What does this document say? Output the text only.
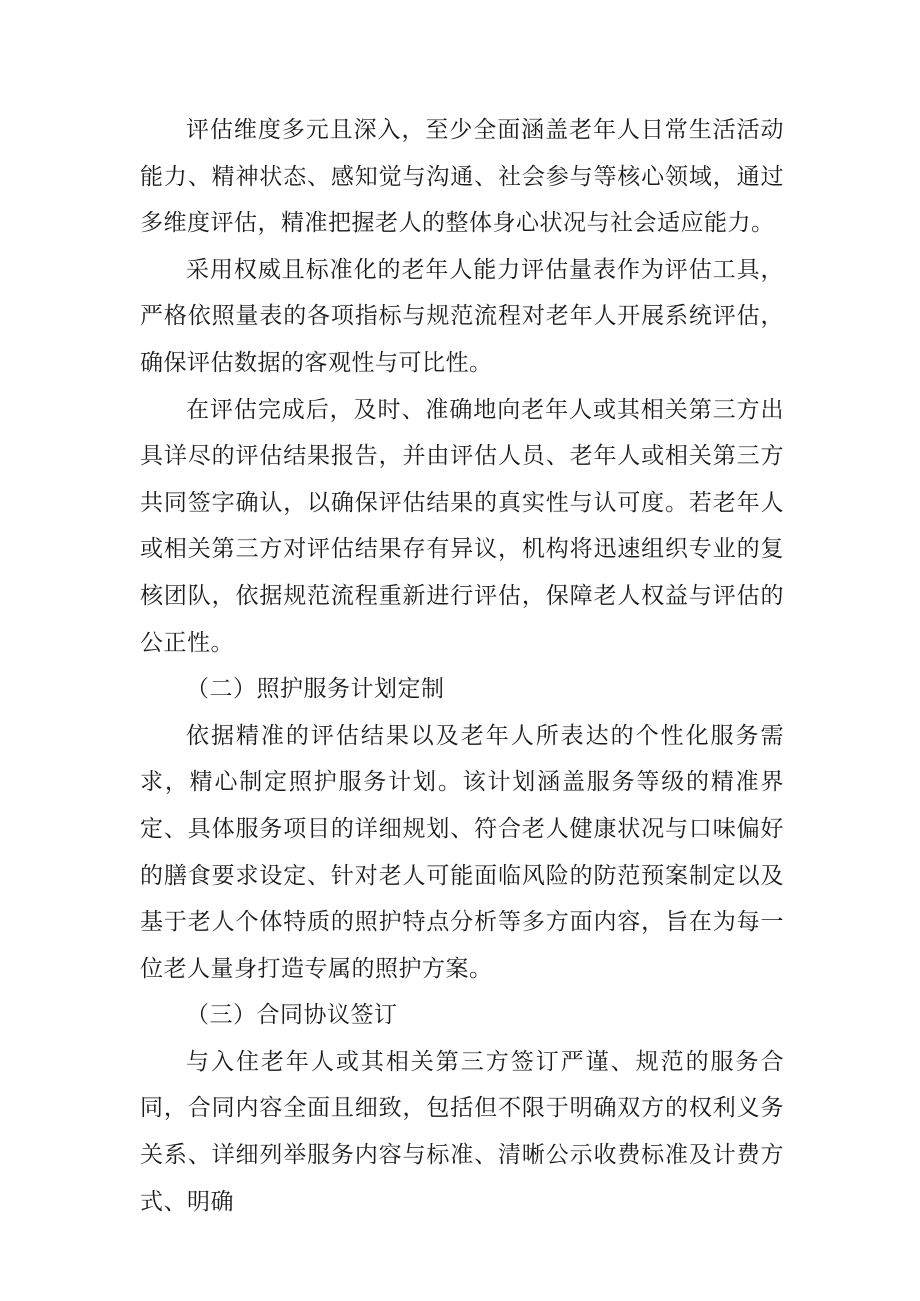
评估维度多元且深入，至少全面涵盖老年人日常生活活动能力、精神状态、感知觉与沟通、社会参与等核心领域，通过多维度评估，精准把握老人的整体身心状况与社会适应能力。

采用权威且标准化的老年人能力评估量表作为评估工具，严格依照量表的各项指标与规范流程对老年人开展系统评估，确保评估数据的客观性与可比性。

在评估完成后，及时、准确地向老年人或其相关第三方出具详尽的评估结果报告，并由评估人员、老年人或相关第三方共同签字确认，以确保评估结果的真实性与认可度。若老年人或相关第三方对评估结果存有异议，机构将迅速组织专业的复核团队，依据规范流程重新进行评估，保障老人权益与评估的公正性。

（二）照护服务计划定制

依据精准的评估结果以及老年人所表达的个性化服务需求，精心制定照护服务计划。该计划涵盖服务等级的精准界定、具体服务项目的详细规划、符合老人健康状况与口味偏好的膳食要求设定、针对老人可能面临风险的防范预案制定以及基于老人个体特质的照护特点分析等多方面内容，旨在为每一位老人量身打造专属的照护方案。

（三）合同协议签订

与入住老年人或其相关第三方签订严谨、规范的服务合同，合同内容全面且细致，包括但不限于明确双方的权利义务关系、详细列举服务内容与标准、清晰公示收费标准及计费方式、明确
